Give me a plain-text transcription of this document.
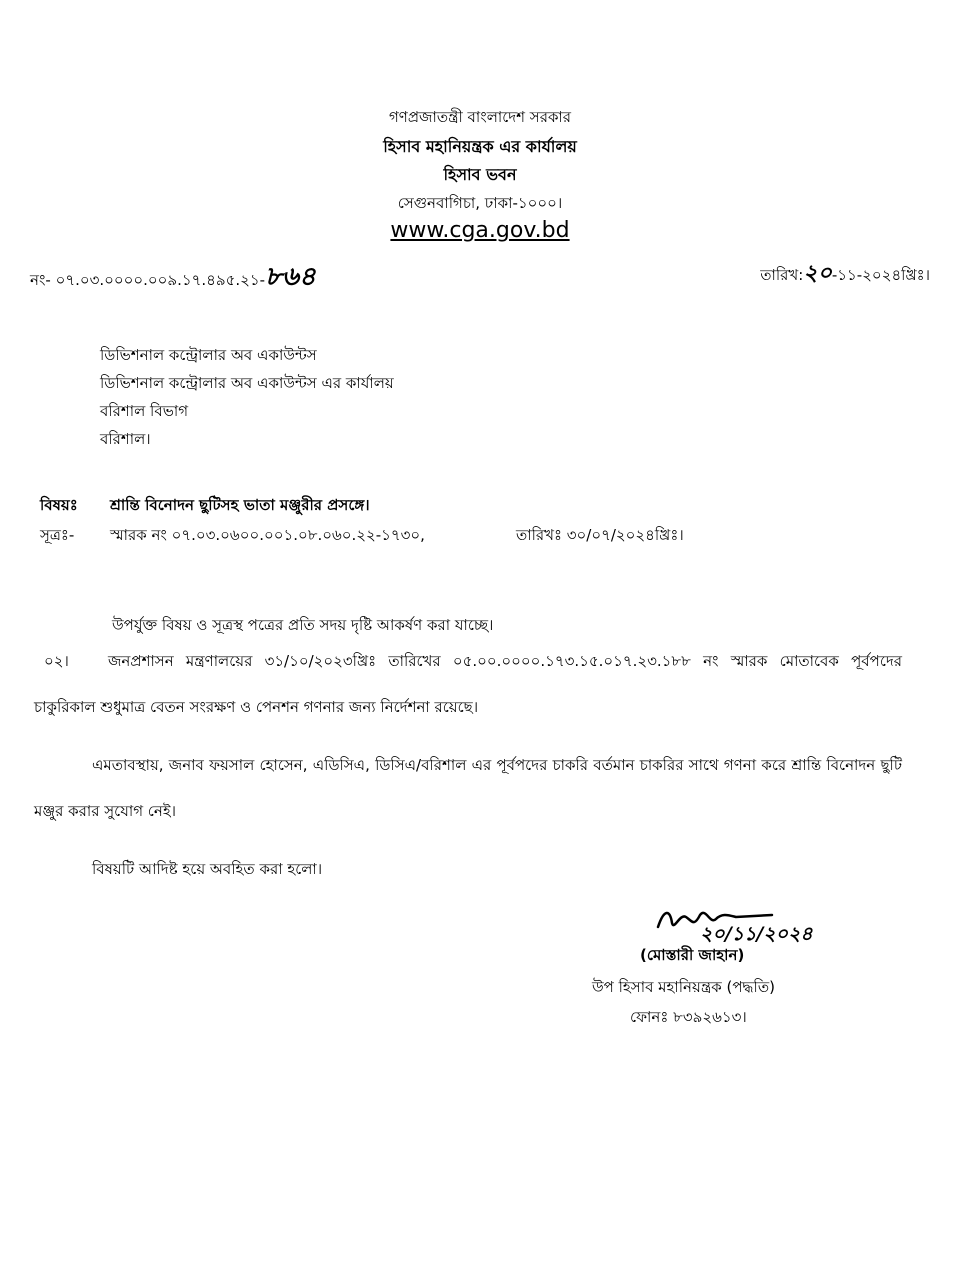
গণপ্রজাতন্ত্রী বাংলাদেশ সরকার
হিসাব মহানিয়ন্ত্রক এর কার্যালয়
হিসাব ভবন
সেগুনবাগিচা, ঢাকা-১০০০।
www.cga.gov.bd
নং- ০৭.০৩.০০০০.০০৯.১৭.৪৯৫.২১-৮৬৪	তারিখ:২০-১১-২০২৪খ্রিঃ।
ডিভিশনাল কন্ট্রোলার অব একাউন্টস
ডিভিশনাল কন্ট্রোলার অব একাউন্টস এর কার্যালয়
বরিশাল বিভাগ
বরিশাল।
বিষয়ঃ শ্রান্তি বিনোদন ছুটিসহ ভাতা মঞ্জুরীর প্রসঙ্গে।
সূত্রঃ- স্মারক নং ০৭.০৩.০৬০০.০০১.০৮.০৬০.২২-১৭৩০,	তারিখঃ ৩০/০৭/২০২৪খ্রিঃ।
উপর্যুক্ত বিষয় ও সূত্রস্থ পত্রের প্রতি সদয় দৃষ্টি আকর্ষণ করা যাচ্ছে।
০২।	জনপ্রশাসন মন্ত্রণালয়ের ৩১/১০/২০২৩খ্রিঃ তারিখের ০৫.০০.০০০০.১৭৩.১৫.০১৭.২৩.১৮৮ নং স্মারক মোতাবেক পূর্বপদের চাকুরিকাল শুধুমাত্র বেতন সংরক্ষণ ও পেনশন গণনার জন্য নির্দেশনা রয়েছে।
এমতাবস্থায়, জনাব ফয়সাল হোসেন, এডিসিএ, ডিসিএ/বরিশাল এর পূর্বপদের চাকরি বর্তমান চাকরির সাথে গণনা করে শ্রান্তি বিনোদন ছুটি মঞ্জুর করার সুযোগ নেই।
বিষয়টি আদিষ্ট হয়ে অবহিত করা হলো।
২০/১১/২০২৪
(মোস্তারী জাহান)
উপ হিসাব মহানিয়ন্ত্রক (পদ্ধতি)
ফোনঃ ৮৩৯২৬১৩।
